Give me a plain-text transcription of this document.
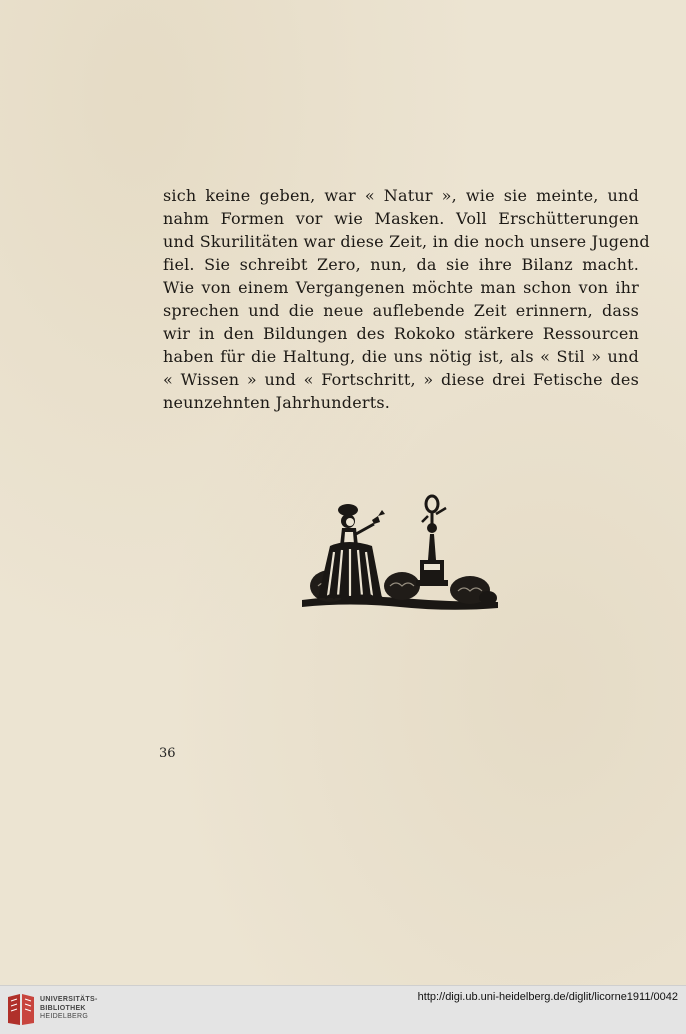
sich keine geben, war « Natur », wie sie meinte, und
nahm Formen vor wie Masken. Voll Erschütterungen
und Skurilitäten war diese Zeit, in die noch unsere Jugend
fiel. Sie schreibt Zero, nun, da sie ihre Bilanz macht.
Wie von einem Vergangenen möchte man schon von ihr
sprechen und die neue auflebende Zeit erinnern, dass
wir in den Bildungen des Rokoko stärkere Ressourcen
haben für die Haltung, die uns nötig ist, als « Stil » und
« Wissen » und « Fortschritt, » diese drei Fetische des
neunzehnten Jahrhunderts.
36
UNIVERSITÄTS-
BIBLIOTHEK
HEIDELBERG
http://digi.ub.uni-heidelberg.de/diglit/licorne1911/0042
